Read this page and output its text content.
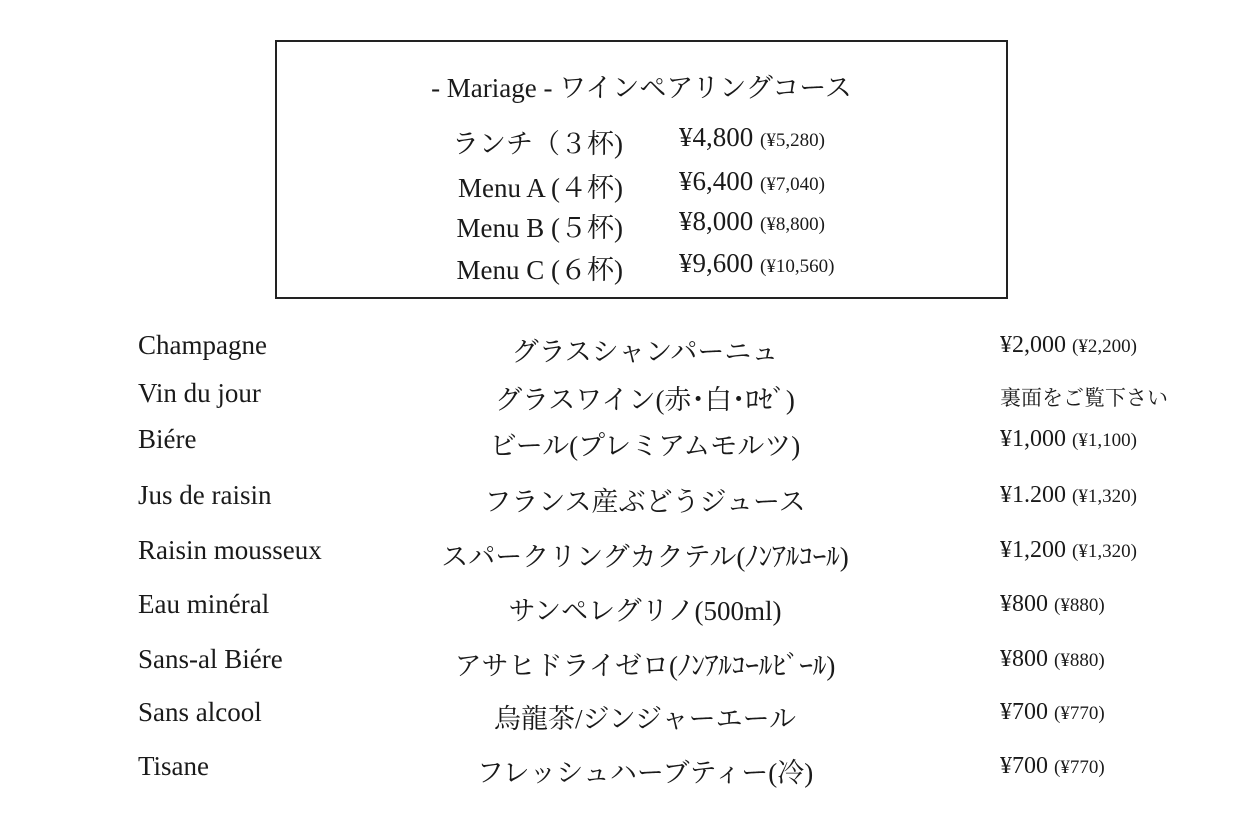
- Mariage - ワインペアリングコース
ランチ（３杯) ¥4,800 (¥5,280)
Menu A (４杯) ¥6,400 (¥7,040)
Menu B (５杯) ¥8,000 (¥8,800)
Menu C (６杯) ¥9,600 (¥10,560)
Champagne	グラスシャンパーニュ	¥2,000 (¥2,200)
Vin du jour	グラスワイン(赤･白･ﾛｾﾞ)	裏面をご覧下さい
Biére	ビール(プレミアムモルツ)	¥1,000 (¥1,100)
Jus de raisin	フランス産ぶどうジュース	¥1.200 (¥1,320)
Raisin mousseux	スパークリングカクテル(ﾉﾝｱﾙｺｰﾙ)	¥1,200 (¥1,320)
Eau minéral	サンペレグリノ(500ml)	¥800 (¥880)
Sans-al Biére	アサヒドライゼロ(ﾉﾝｱﾙｺｰﾙﾋﾞｰﾙ)	¥800 (¥880)
Sans alcool	烏龍茶/ジンジャーエール	¥700 (¥770)
Tisane	フレッシュハーブティー(冷)	¥700 (¥770)
